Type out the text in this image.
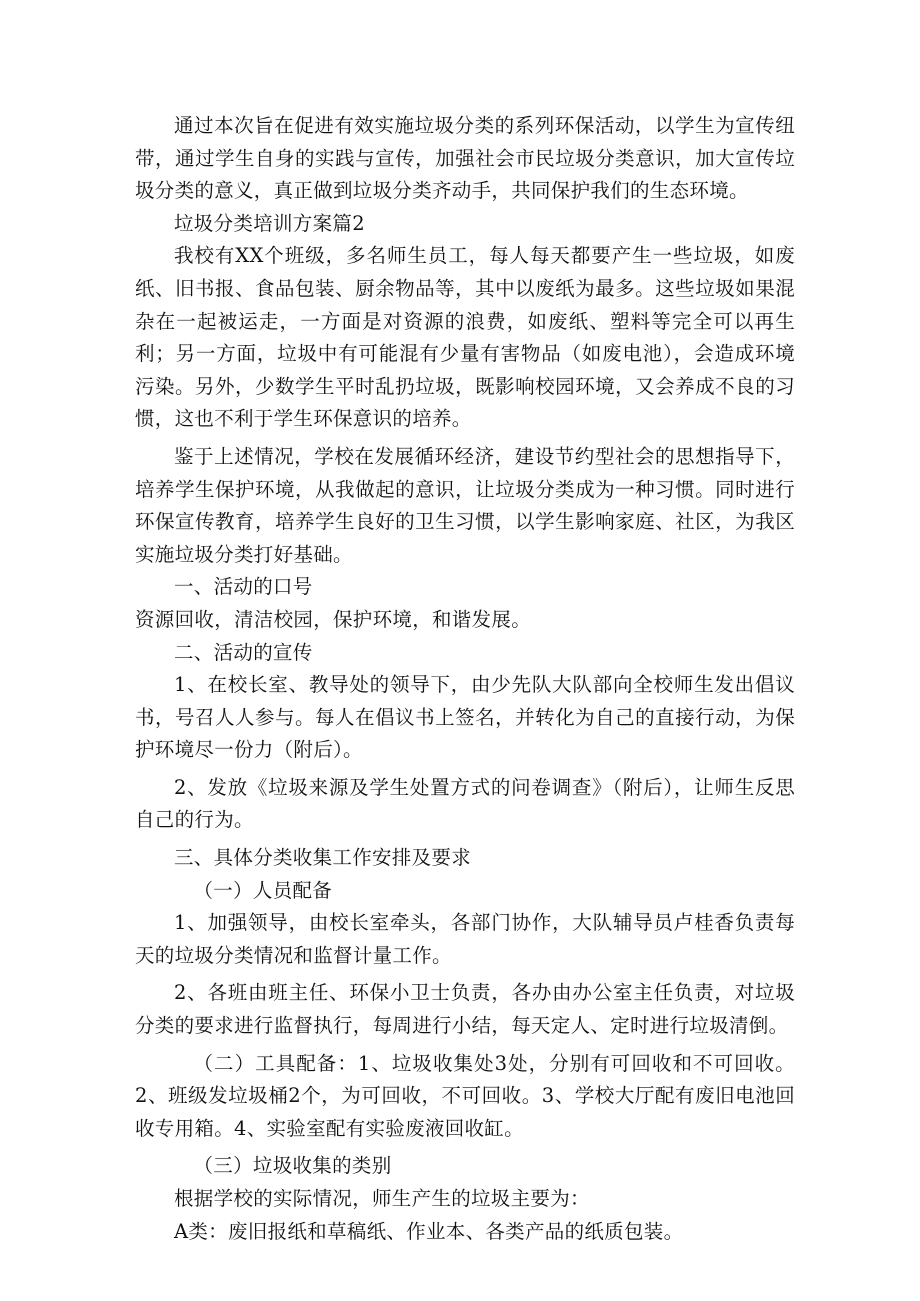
通过本次旨在促进有效实施垃圾分类的系列环保活动，以学生为宣传纽带，通过学生自身的实践与宣传，加强社会市民垃圾分类意识，加大宣传垃圾分类的意义，真正做到垃圾分类齐动手，共同保护我们的生态环境。

垃圾分类培训方案篇2

我校有XX个班级，多名师生员工，每人每天都要产生一些垃圾，如废纸、旧书报、食品包装、厨余物品等，其中以废纸为最多。这些垃圾如果混杂在一起被运走，一方面是对资源的浪费，如废纸、塑料等完全可以再生利；另一方面，垃圾中有可能混有少量有害物品（如废电池），会造成环境污染。另外，少数学生平时乱扔垃圾，既影响校园环境，又会养成不良的习惯，这也不利于学生环保意识的培养。

鉴于上述情况，学校在发展循环经济，建设节约型社会的思想指导下，培养学生保护环境，从我做起的意识，让垃圾分类成为一种习惯。同时进行环保宣传教育，培养学生良好的卫生习惯，以学生影响家庭、社区，为我区实施垃圾分类打好基础。

一、活动的口号

资源回收，清洁校园，保护环境，和谐发展。

二、活动的宣传

1、在校长室、教导处的领导下，由少先队大队部向全校师生发出倡议书，号召人人参与。每人在倡议书上签名，并转化为自己的直接行动，为保护环境尽一份力（附后）。

2、发放《垃圾来源及学生处置方式的问卷调查》（附后），让师生反思自己的行为。

三、具体分类收集工作安排及要求

（一）人员配备

1、加强领导，由校长室牵头，各部门协作，大队辅导员卢桂香负责每天的垃圾分类情况和监督计量工作。

2、各班由班主任、环保小卫士负责，各办由办公室主任负责，对垃圾分类的要求进行监督执行，每周进行小结，每天定人、定时进行垃圾清倒。

（二）工具配备：1、垃圾收集处3处，分别有可回收和不可回收。2、班级发垃圾桶2个，为可回收，不可回收。3、学校大厅配有废旧电池回收专用箱。4、实验室配有实验废液回收缸。

（三）垃圾收集的类别

根据学校的实际情况，师生产生的垃圾主要为：

A类：废旧报纸和草稿纸、作业本、各类产品的纸质包装。
